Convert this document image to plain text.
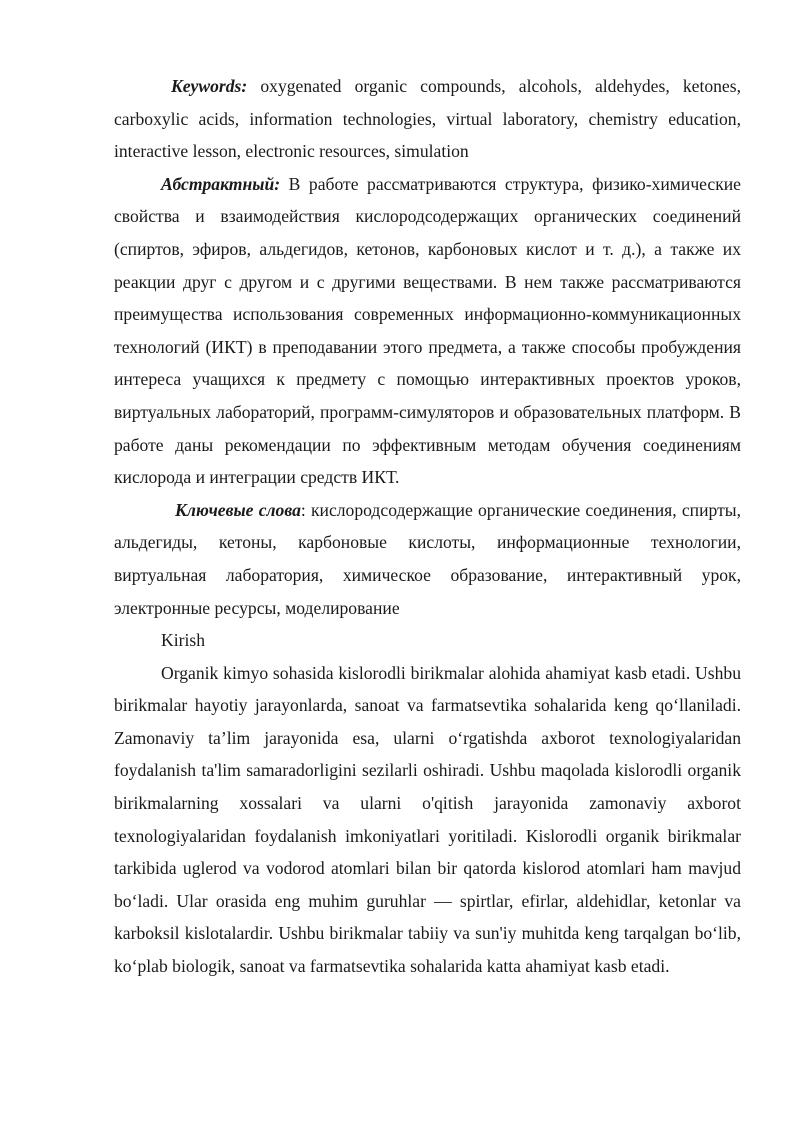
Keywords: oxygenated organic compounds, alcohols, aldehydes, ketones, carboxylic acids, information technologies, virtual laboratory, chemistry education, interactive lesson, electronic resources, simulation

Абстрактный: В работе рассматриваются структура, физико-химические свойства и взаимодействия кислородсодержащих органических соединений (спиртов, эфиров, альдегидов, кетонов, карбоновых кислот и т. д.), а также их реакции друг с другом и с другими веществами. В нем также рассматриваются преимущества использования современных информационно-коммуникационных технологий (ИКТ) в преподавании этого предмета, а также способы пробуждения интереса учащихся к предмету с помощью интерактивных проектов уроков, виртуальных лабораторий, программ-симуляторов и образовательных платформ. В работе даны рекомендации по эффективным методам обучения соединениям кислорода и интеграции средств ИКТ.

Ключевые слова: кислородсодержащие органические соединения, спирты, альдегиды, кетоны, карбоновые кислоты, информационные технологии, виртуальная лаборатория, химическое образование, интерактивный урок, электронные ресурсы, моделирование

Kirish

Organik kimyo sohasida kislorodli birikmalar alohida ahamiyat kasb etadi. Ushbu birikmalar hayotiy jarayonlarda, sanoat va farmatsevtika sohalarida keng qo‘llaniladi. Zamonaviy ta’lim jarayonida esa, ularni o‘rgatishda axborot texnologiyalaridan foydalanish ta'lim samaradorligini sezilarli oshiradi. Ushbu maqolada kislorodli organik birikmalarning xossalari va ularni o'qitish jarayonida zamonaviy axborot texnologiyalaridan foydalanish imkoniyatlari yoritiladi. Kislorodli organik birikmalar tarkibida uglerod va vodorod atomlari bilan bir qatorda kislorod atomlari ham mavjud bo‘ladi. Ular orasida eng muhim guruhlar — spirtlar, efirlar, aldehidlar, ketonlar va karboksil kislotalardir. Ushbu birikmalar tabiiy va sun'iy muhitda keng tarqalgan bo‘lib, ko‘plab biologik, sanoat va farmatsevtika sohalarida katta ahamiyat kasb etadi.
